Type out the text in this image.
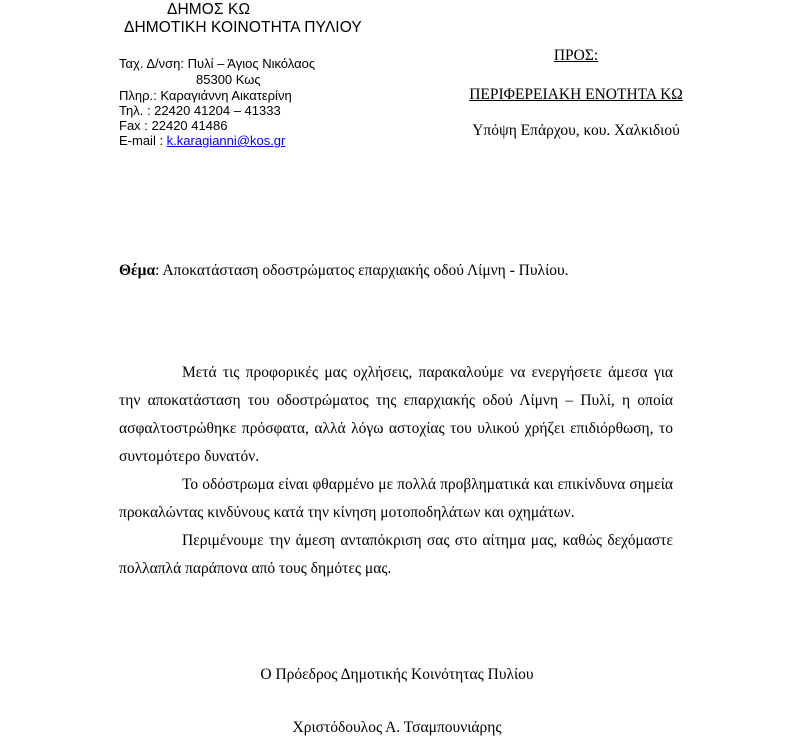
ΔΗΜΟΣ ΚΩ
ΔΗΜΟΤΙΚΗ ΚΟΙΝΟΤΗΤΑ ΠΥΛΙΟΥ
Ταχ. Δ/νση: Πυλί – Άγιος Νικόλαος
85300 Κως
Πληρ.: Καραγιάννη Αικατερίνη
Τηλ. : 22420 41204 – 41333
Fax : 22420 41486
E-mail : k.karagianni@kos.gr
ΠΡΟΣ:
ΠΕΡΙΦΕΡΕΙΑΚΗ ΕΝΟΤΗΤΑ ΚΩ
Υπόψη Επάρχου, κου. Χαλκιδιού
Θέμα: Αποκατάσταση οδοστρώματος επαρχιακής οδού Λίμνη - Πυλίου.

Μετά τις προφορικές μας οχλήσεις, παρακαλούμε να ενεργήσετε άμεσα για την αποκατάσταση του οδοστρώματος της επαρχιακής οδού Λίμνη – Πυλί, η οποία ασφαλτοστρώθηκε πρόσφατα, αλλά λόγω αστοχίας του υλικού χρήζει επιδιόρθωση, το συντομότερο δυνατόν.

Το οδόστρωμα είναι φθαρμένο με πολλά προβληματικά και επικίνδυνα σημεία προκαλώντας κινδύνους κατά την κίνηση μοτοποδηλάτων και οχημάτων.

Περιμένουμε την άμεση ανταπόκριση σας στο αίτημα μας, καθώς δεχόμαστε πολλαπλά παράπονα από τους δημότες μας.

Ο Πρόεδρος Δημοτικής Κοινότητας Πυλίου
Χριστόδουλος Α. Τσαμπουνιάρης
